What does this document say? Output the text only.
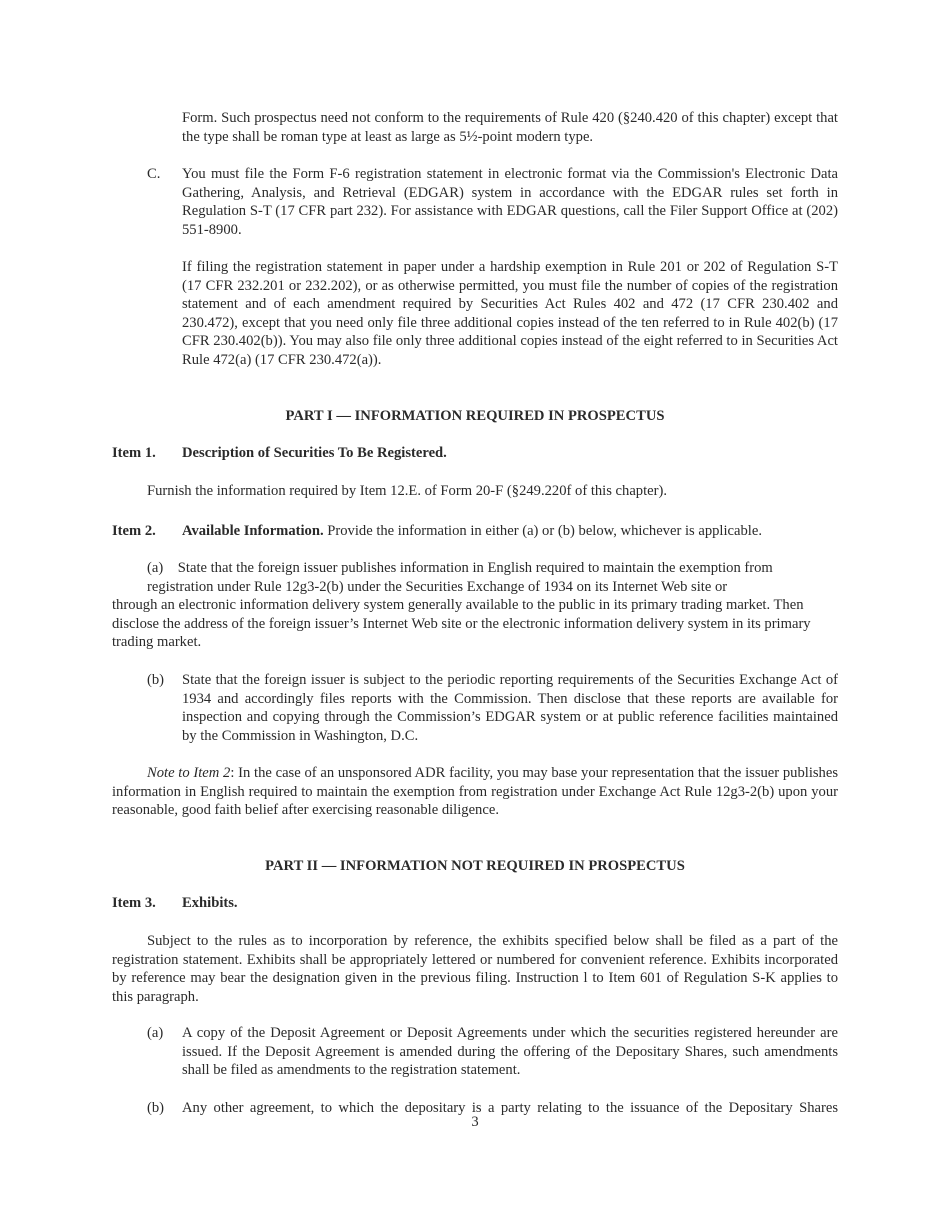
Form. Such prospectus need not conform to the requirements of Rule 420 (§240.420 of this chapter) except that the type shall be roman type at least as large as 5½-point modern type.

C. You must file the Form F-6 registration statement in electronic format via the Commission's Electronic Data Gathering, Analysis, and Retrieval (EDGAR) system in accordance with the EDGAR rules set forth in Regulation S-T (17 CFR part 232). For assistance with EDGAR questions, call the Filer Support Office at (202) 551-8900.

If filing the registration statement in paper under a hardship exemption in Rule 201 or 202 of Regulation S-T (17 CFR 232.201 or 232.202), or as otherwise permitted, you must file the number of copies of the registration statement and of each amendment required by Securities Act Rules 402 and 472 (17 CFR 230.402 and 230.472), except that you need only file three additional copies instead of the ten referred to in Rule 402(b) (17 CFR 230.402(b)). You may also file only three additional copies instead of the eight referred to in Securities Act Rule 472(a) (17 CFR 230.472(a)).

PART I — INFORMATION REQUIRED IN PROSPECTUS
Item 1. Description of Securities To Be Registered.

Furnish the information required by Item 12.E. of Form 20-F (§249.220f of this chapter).

Item 2. Available Information. Provide the information in either (a) or (b) below, whichever is applicable.
(a) State that the foreign issuer publishes information in English required to maintain the exemption from
registration under Rule 12g3-2(b) under the Securities Exchange of 1934 on its Internet Web site or
through an electronic information delivery system generally available to the public in its primary trading market. Then disclose the address of the foreign issuer’s Internet Web site or the electronic information delivery system in its primary trading market.
(b) State that the foreign issuer is subject to the periodic reporting requirements of the Securities Exchange Act of 1934 and accordingly files reports with the Commission. Then disclose that these reports are available for inspection and copying through the Commission’s EDGAR system or at public reference facilities maintained by the Commission in Washington, D.C.

Note to Item 2: In the case of an unsponsored ADR facility, you may base your representation that the issuer publishes information in English required to maintain the exemption from registration under Exchange Act Rule 12g3-2(b) upon your reasonable, good faith belief after exercising reasonable diligence.

PART II — INFORMATION NOT REQUIRED IN PROSPECTUS
Item 3. Exhibits.

Subject to the rules as to incorporation by reference, the exhibits specified below shall be filed as a part of the registration statement. Exhibits shall be appropriately lettered or numbered for convenient reference. Exhibits incorporated by reference may bear the designation given in the previous filing. Instruction l to Item 601 of Regulation S-K applies to this paragraph.

(a) A copy of the Deposit Agreement or Deposit Agreements under which the securities registered hereunder are issued. If the Deposit Agreement is amended during the offering of the Depositary Shares, such amendments shall be filed as amendments to the registration statement.

(b) Any other agreement, to which the depositary is a party relating to the issuance of the Depositary Shares

3
